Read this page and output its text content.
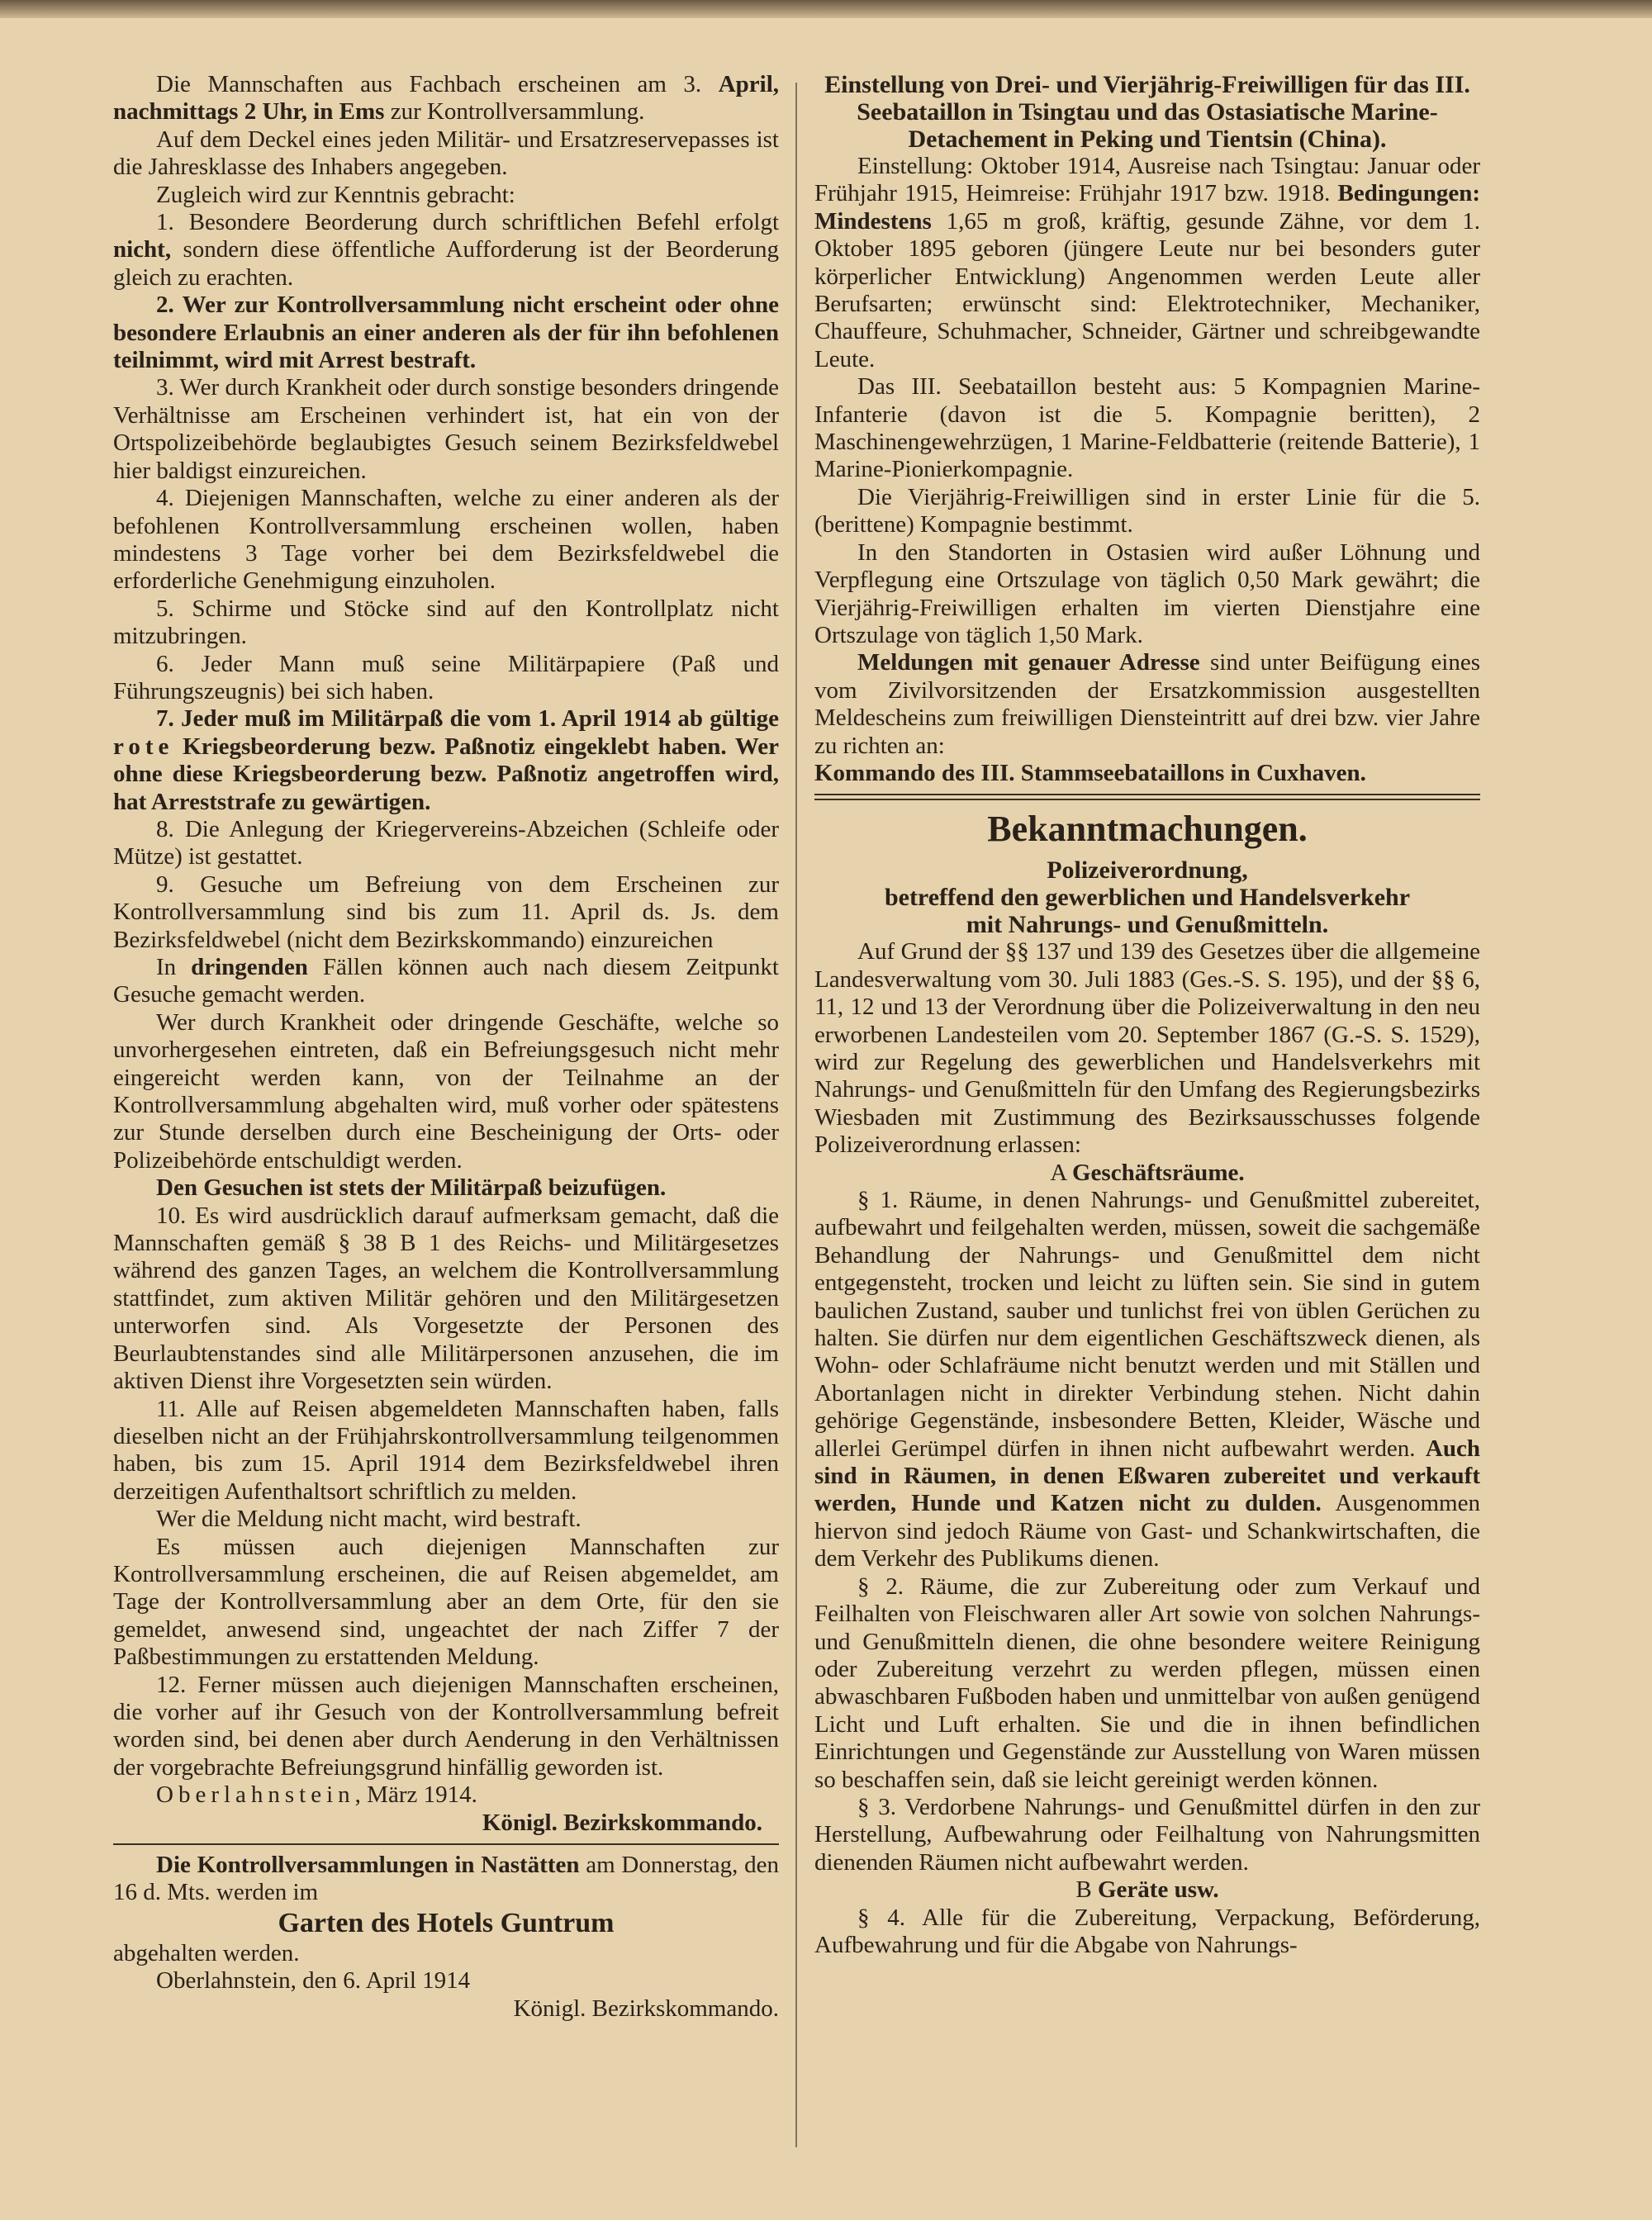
Die Mannschaften aus Fachbach erscheinen am 3. April, nachmittags 2 Uhr, in Ems zur Kontrollversammlung.

Auf dem Deckel eines jeden Militär- und Ersatzreservepasses ist die Jahresklasse des Inhabers angegeben.

Zugleich wird zur Kenntnis gebracht:

1. Besondere Beorderung durch schriftlichen Befehl erfolgt nicht, sondern diese öffentliche Aufforderung ist der Beorderung gleich zu erachten.

2. Wer zur Kontrollversammlung nicht erscheint oder ohne besondere Erlaubnis an einer anderen als der für ihn befohlenen teilnimmt, wird mit Arrest bestraft.

3. Wer durch Krankheit oder durch sonstige besonders dringende Verhältnisse am Erscheinen verhindert ist, hat ein von der Ortspolizeibehörde beglaubigtes Gesuch seinem Bezirksfeldwebel hier baldigst einzureichen.

4. Diejenigen Mannschaften, welche zu einer anderen als der befohlenen Kontrollversammlung erscheinen wollen, haben mindestens 3 Tage vorher bei dem Bezirksfeldwebel die erforderliche Genehmigung einzuholen.

5. Schirme und Stöcke sind auf den Kontrollplatz nicht mitzubringen.

6. Jeder Mann muß seine Militärpapiere (Paß und Führungszeugnis) bei sich haben.

7. Jeder muß im Militärpaß die vom 1. April 1914 ab gültige rote Kriegsbeorderung bezw. Paßnotiz eingeklebt haben. Wer ohne diese Kriegsbeorderung bezw. Paßnotiz angetroffen wird, hat Arreststrafe zu gewärtigen.

8. Die Anlegung der Kriegervereins-Abzeichen (Schleife oder Mütze) ist gestattet.

9. Gesuche um Befreiung von dem Erscheinen zur Kontrollversammlung sind bis zum 11. April ds. Js. dem Bezirksfeldwebel (nicht dem Bezirkskommando) einzureichen

In dringenden Fällen können auch nach diesem Zeitpunkt Gesuche gemacht werden.

Wer durch Krankheit oder dringende Geschäfte, welche so unvorhergesehen eintreten, daß ein Befreiungsgesuch nicht mehr eingereicht werden kann, von der Teilnahme an der Kontrollversammlung abgehalten wird, muß vorher oder spätestens zur Stunde derselben durch eine Bescheinigung der Orts- oder Polizeibehörde entschuldigt werden.

Den Gesuchen ist stets der Militärpaß beizufügen.

10. Es wird ausdrücklich darauf aufmerksam gemacht, daß die Mannschaften gemäß § 38 B 1 des Reichs- und Militärgesetzes während des ganzen Tages, an welchem die Kontrollversammlung stattfindet, zum aktiven Militär gehören und den Militärgesetzen unterworfen sind. Als Vorgesetzte der Personen des Beurlaubtenstandes sind alle Militärpersonen anzusehen, die im aktiven Dienst ihre Vorgesetzten sein würden.

11. Alle auf Reisen abgemeldeten Mannschaften haben, falls dieselben nicht an der Frühjahrskontrollversammlung teilgenommen haben, bis zum 15. April 1914 dem Bezirksfeldwebel ihren derzeitigen Aufenthaltsort schriftlich zu melden.

Wer die Meldung nicht macht, wird bestraft.

Es müssen auch diejenigen Mannschaften zur Kontrollversammlung erscheinen, die auf Reisen abgemeldet, am Tage der Kontrollversammlung aber an dem Orte, für den sie gemeldet, anwesend sind, ungeachtet der nach Ziffer 7 der Paßbestimmungen zu erstattenden Meldung.

12. Ferner müssen auch diejenigen Mannschaften erscheinen, die vorher auf ihr Gesuch von der Kontrollversammlung befreit worden sind, bei denen aber durch Aenderung in den Verhältnissen der vorgebrachte Befreiungsgrund hinfällig geworden ist.

Oberlahnstein, März 1914.

Königl. Bezirkskommando.

Die Kontrollversammlungen in Nastätten am Donnerstag, den 16 d. Mts. werden im

Garten des Hotels Guntrum

abgehalten werden.

Oberlahnstein, den 6. April 1914

Königl. Bezirkskommando.

Einstellung von Drei- und Vierjährig-Freiwilligen für das III. Seebataillon in Tsingtau und das Ostasiatische Marine-Detachement in Peking und Tientsin (China).

Einstellung: Oktober 1914, Ausreise nach Tsingtau: Januar oder Frühjahr 1915, Heimreise: Frühjahr 1917 bzw. 1918. Bedingungen: Mindestens 1,65 m groß, kräftig, gesunde Zähne, vor dem 1. Oktober 1895 geboren (jüngere Leute nur bei besonders guter körperlicher Entwicklung) Angenommen werden Leute aller Berufsarten; erwünscht sind: Elektrotechniker, Mechaniker, Chauffeure, Schuhmacher, Schneider, Gärtner und schreibgewandte Leute.

Das III. Seebataillon besteht aus: 5 Kompagnien Marine-Infanterie (davon ist die 5. Kompagnie beritten), 2 Maschinengewehrzügen, 1 Marine-Feldbatterie (reitende Batterie), 1 Marine-Pionierkompagnie.

Die Vierjährig-Freiwilligen sind in erster Linie für die 5. (berittene) Kompagnie bestimmt.

In den Standorten in Ostasien wird außer Löhnung und Verpflegung eine Ortszulage von täglich 0,50 Mark gewährt; die Vierjährig-Freiwilligen erhalten im vierten Dienstjahre eine Ortszulage von täglich 1,50 Mark.

Meldungen mit genauer Adresse sind unter Beifügung eines vom Zivilvorsitzenden der Ersatzkommission ausgestellten Meldescheins zum freiwilligen Diensteintritt auf drei bzw. vier Jahre zu richten an:

Kommando des III. Stammseebataillons in Cuxhaven.

Bekanntmachungen.

Polizeiverordnung,

betreffend den gewerblichen und Handelsverkehr

mit Nahrungs- und Genußmitteln.

Auf Grund der §§ 137 und 139 des Gesetzes über die allgemeine Landesverwaltung vom 30. Juli 1883 (Ges.-S. S. 195), und der §§ 6, 11, 12 und 13 der Verordnung über die Polizeiverwaltung in den neu erworbenen Landesteilen vom 20. September 1867 (G.-S. S. 1529), wird zur Regelung des gewerblichen und Handelsverkehrs mit Nahrungs- und Genußmitteln für den Umfang des Regierungsbezirks Wiesbaden mit Zustimmung des Bezirksausschusses folgende Polizeiverordnung erlassen:

A Geschäftsräume.

§ 1. Räume, in denen Nahrungs- und Genußmittel zubereitet, aufbewahrt und feilgehalten werden, müssen, soweit die sachgemäße Behandlung der Nahrungs- und Genußmittel dem nicht entgegensteht, trocken und leicht zu lüften sein. Sie sind in gutem baulichen Zustand, sauber und tunlichst frei von üblen Gerüchen zu halten. Sie dürfen nur dem eigentlichen Geschäftszweck dienen, als Wohn- oder Schlafräume nicht benutzt werden und mit Ställen und Abortanlagen nicht in direkter Verbindung stehen. Nicht dahin gehörige Gegenstände, insbesondere Betten, Kleider, Wäsche und allerlei Gerümpel dürfen in ihnen nicht aufbewahrt werden. Auch sind in Räumen, in denen Eßwaren zubereitet und verkauft werden, Hunde und Katzen nicht zu dulden. Ausgenommen hiervon sind jedoch Räume von Gast- und Schankwirtschaften, die dem Verkehr des Publikums dienen.

§ 2. Räume, die zur Zubereitung oder zum Verkauf und Feilhalten von Fleischwaren aller Art sowie von solchen Nahrungs- und Genußmitteln dienen, die ohne besondere weitere Reinigung oder Zubereitung verzehrt zu werden pflegen, müssen einen abwaschbaren Fußboden haben und unmittelbar von außen genügend Licht und Luft erhalten. Sie und die in ihnen befindlichen Einrichtungen und Gegenstände zur Ausstellung von Waren müssen so beschaffen sein, daß sie leicht gereinigt werden können.

§ 3. Verdorbene Nahrungs- und Genußmittel dürfen in den zur Herstellung, Aufbewahrung oder Feilhaltung von Nahrungsmitten dienenden Räumen nicht aufbewahrt werden.

B Geräte usw.

§ 4. Alle für die Zubereitung, Verpackung, Beförderung, Aufbewahrung und für die Abgabe von Nahrungs-
